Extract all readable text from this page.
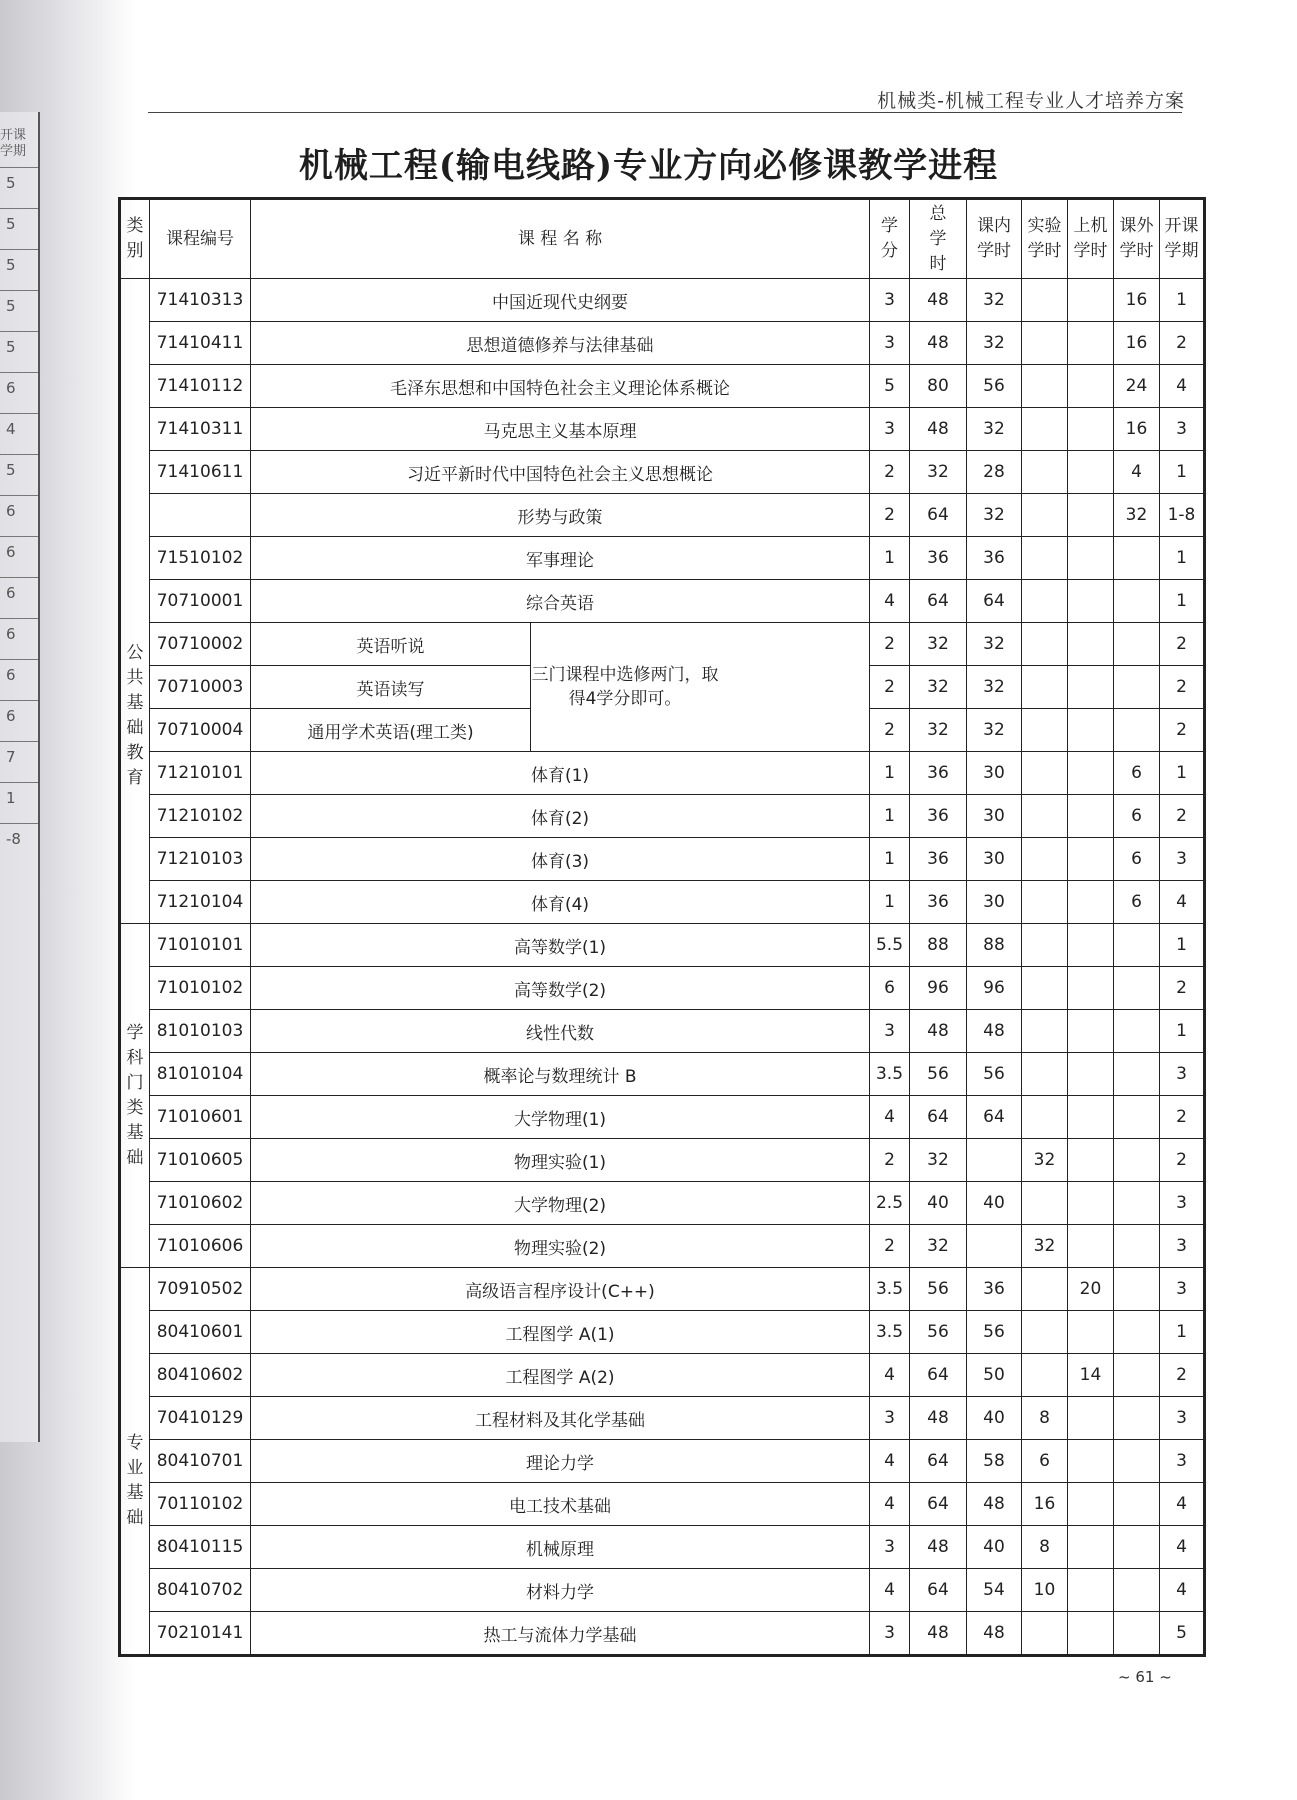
开课学期
5
5
5
5
5
6
4
5
6
6
6
6
6
6
7
1
-8
机械类-机械工程专业人才培养方案
机械工程(输电线路)专业方向必修课教学进程
类别	课程编号	课 程 名 称		学分	总学时	课内学时	实验学时	上机学时	课外学时	开课学期
公共基础教育	71410313	中国近现代史纲要		3	48	32			16	1
	71410411	思想道德修养与法律基础		3	48	32			16	2
	71410112	毛泽东思想和中国特色社会主义理论体系概论		5	80	56			24	4
	71410311	马克思主义基本原理		3	48	32			16	3
	71410611	习近平新时代中国特色社会主义思想概论		2	32	28			4	1
		形势与政策		2	64	32			32	1-8
	71510102	军事理论		1	36	36				1
	70710001	综合英语		4	64	64				1
	70710002	英语听说	三门课程中选修两门，取得4学分即可。	2	32	32				2
	70710003	英语读写		2	32	32				2
	70710004	通用学术英语(理工类)		2	32	32				2
	71210101	体育(1)		1	36	30			6	1
	71210102	体育(2)		1	36	30			6	2
	71210103	体育(3)		1	36	30			6	3
	71210104	体育(4)		1	36	30			6	4
学科门类基础	71010101	高等数学(1)		5.5	88	88				1
	71010102	高等数学(2)		6	96	96				2
	81010103	线性代数		3	48	48				1
	81010104	概率论与数理统计 B		3.5	56	56				3
	71010601	大学物理(1)		4	64	64				2
	71010605	物理实验(1)		2	32		32			2
	71010602	大学物理(2)		2.5	40	40				3
	71010606	物理实验(2)		2	32		32			3
专业基础	70910502	高级语言程序设计(C++)		3.5	56	36		20		3
	80410601	工程图学 A(1)		3.5	56	56				1
	80410602	工程图学 A(2)		4	64	50		14		2
	70410129	工程材料及其化学基础		3	48	40	8			3
	80410701	理论力学		4	64	58	6			3
	70110102	电工技术基础		4	64	48	16			4
	80410115	机械原理		3	48	40	8			4
	80410702	材料力学		4	64	54	10			4
	70210141	热工与流体力学基础		3	48	48				5
~ 61 ~
